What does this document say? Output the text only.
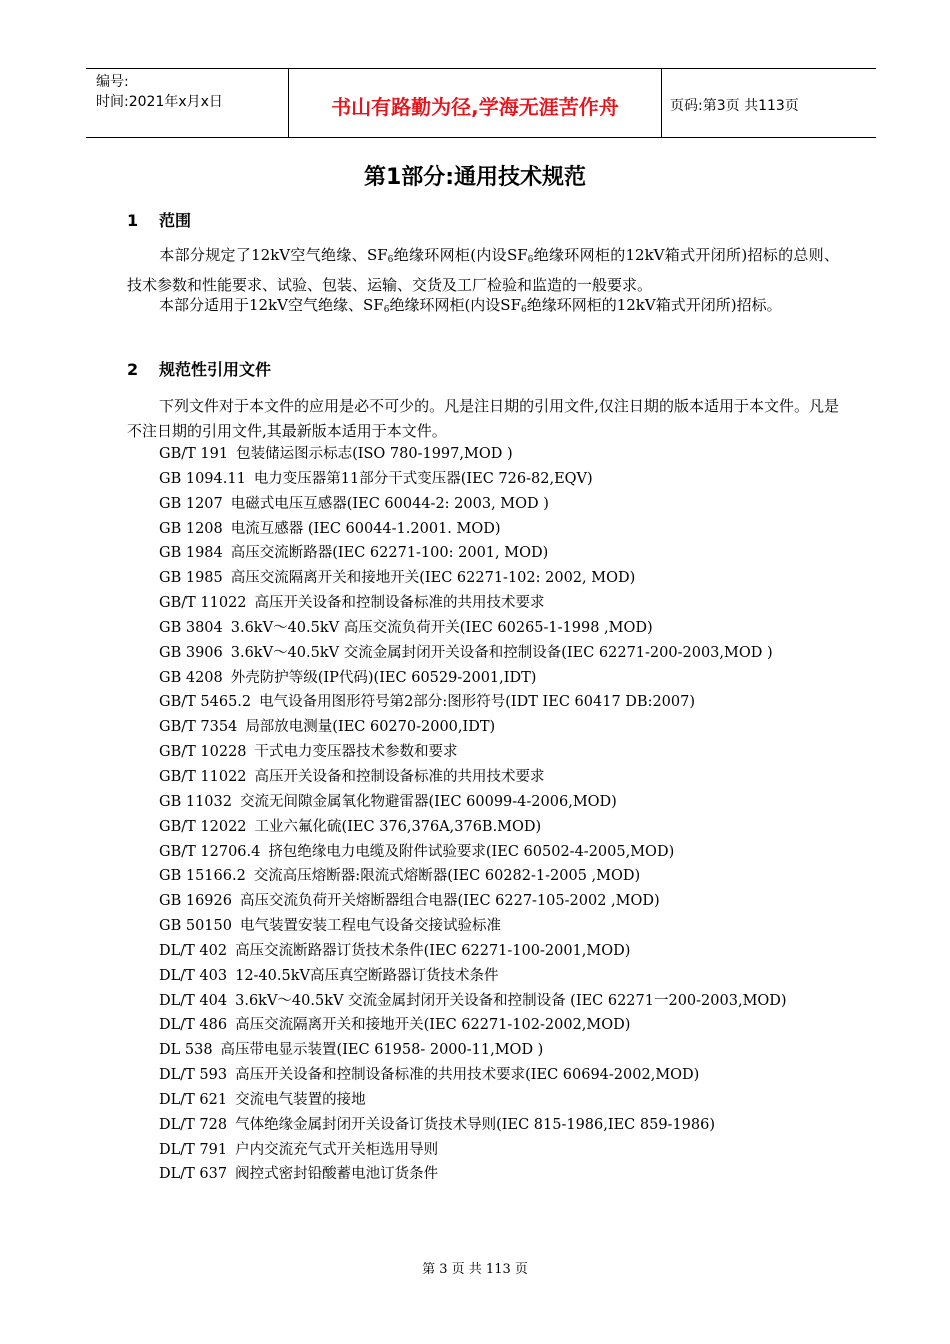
编号:
时间:2021年x月x日	书山有路勤为径,学海无涯苦作舟	页码:第3页 共113页
第1部分:通用技术规范
1 范围
本部分规定了12kV空气绝缘、$SF_6$绝缘环网柜(内设$SF_6$绝缘环网柜的12kV箱式开闭所)招标的总则、技术参数和性能要求、试验、包装、运输、交货及工厂检验和监造的一般要求。
本部分适用于12kV空气绝缘、$SF_6$绝缘环网柜(内设$SF_6$绝缘环网柜的12kV箱式开闭所)招标。
2 规范性引用文件
下列文件对于本文件的应用是必不可少的。凡是注日期的引用文件,仅注日期的版本适用于本文件。凡是不注日期的引用文件,其最新版本适用于本文件。
GB/T 191 包装储运图示标志(ISO 780-1997,MOD )
GB 1094.11 电力变压器第11部分干式变压器(IEC 726-82,EQV)
GB 1207 电磁式电压互感器(IEC 60044-2: 2003, MOD )
GB 1208 电流互感器 (IEC 60044-1.2001. MOD)
GB 1984 高压交流断路器(IEC 62271-100: 2001, MOD)
GB 1985 高压交流隔离开关和接地开关(IEC 62271-102: 2002, MOD)
GB/T 11022 高压开关设备和控制设备标准的共用技术要求
GB 3804 3.6kV～40.5kV 高压交流负荷开关(IEC 60265-1-1998 ,MOD)
GB 3906 3.6kV～40.5kV 交流金属封闭开关设备和控制设备(IEC 62271-200-2003,MOD )
GB 4208 外壳防护等级(IP代码)(IEC 60529-2001,IDT)
GB/T 5465.2 电气设备用图形符号第2部分:图形符号(IDT IEC 60417 DB:2007)
GB/T 7354 局部放电测量(IEC 60270-2000,IDT)
GB/T 10228 干式电力变压器技术参数和要求
GB/T 11022 高压开关设备和控制设备标准的共用技术要求
GB 11032 交流无间隙金属氧化物避雷器(IEC 60099-4-2006,MOD)
GB/T 12022 工业六氟化硫(IEC 376,376A,376B.MOD)
GB/T 12706.4 挤包绝缘电力电缆及附件试验要求(IEC 60502-4-2005,MOD)
GB 15166.2 交流高压熔断器:限流式熔断器(IEC 60282-1-2005 ,MOD)
GB 16926 高压交流负荷开关熔断器组合电器(IEC 6227-105-2002 ,MOD)
GB 50150 电气装置安装工程电气设备交接试验标准
DL/T 402 高压交流断路器订货技术条件(IEC 62271-100-2001,MOD)
DL/T 403 12-40.5kV高压真空断路器订货技术条件
DL/T 404 3.6kV～40.5kV 交流金属封闭开关设备和控制设备 (IEC 62271一200-2003,MOD)
DL/T 486 高压交流隔离开关和接地开关(IEC 62271-102-2002,MOD)
DL 538 高压带电显示装置(IEC 61958- 2000-11,MOD )
DL/T 593 高压开关设备和控制设备标准的共用技术要求(IEC 60694-2002,MOD)
DL/T 621 交流电气装置的接地
DL/T 728 气体绝缘金属封闭开关设备订货技术导则(IEC 815-1986,IEC 859-1986)
DL/T 791 户内交流充气式开关柜选用导则
DL/T 637 阀控式密封铅酸蓄电池订货条件
第 3 页 共 113 页
